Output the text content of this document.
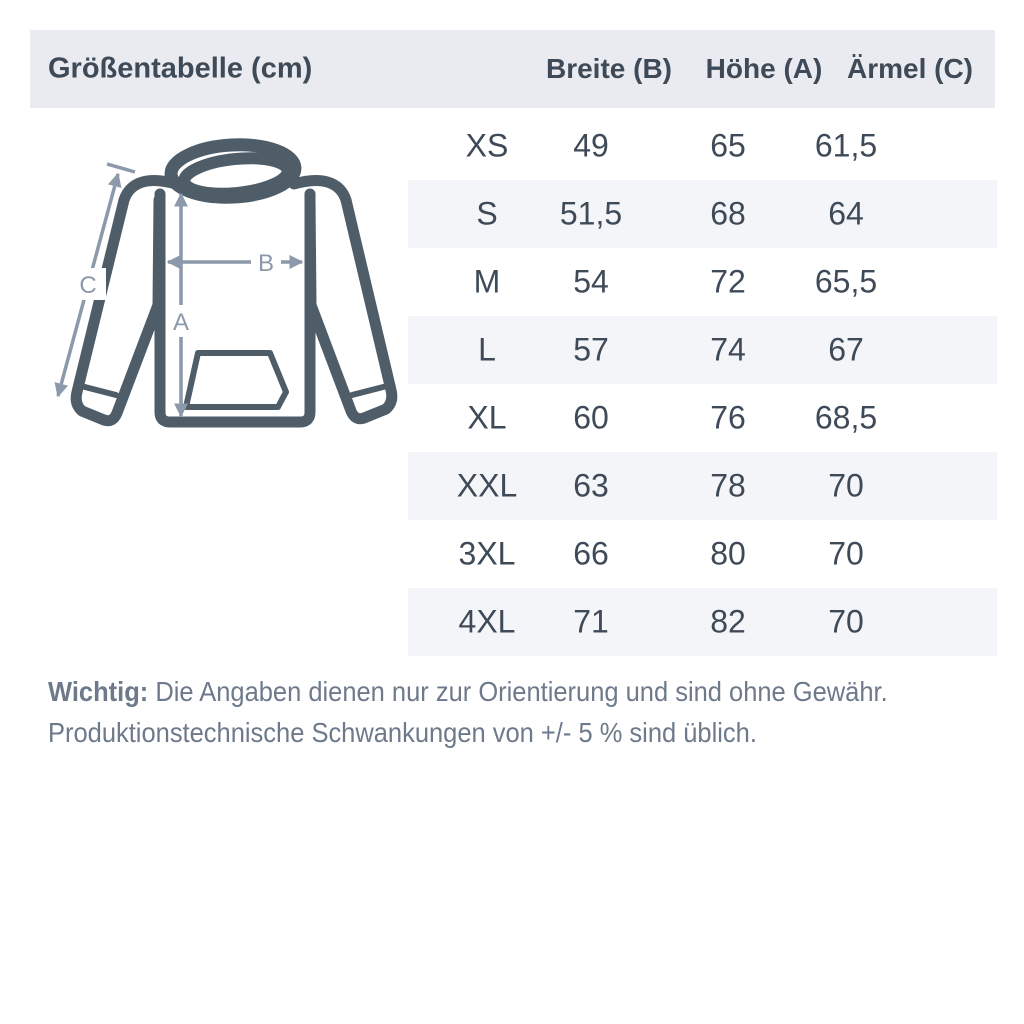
Größentabelle (cm)	Breite (B) Höhe (A) Ärmel (C)
A
B
C
XS 49	65 61,5
S 51,5	68	64
M 54	72 65,5
L 57	74	67
XL 60	76 68,5
XXL 63	78	70
3XL 66	80	70
4XL 71	82	70
Wichtig: Die Angaben dienen nur zur Orientierung und sind ohne Gewähr.
Produktionstechnische Schwankungen von +/- 5 % sind üblich.
